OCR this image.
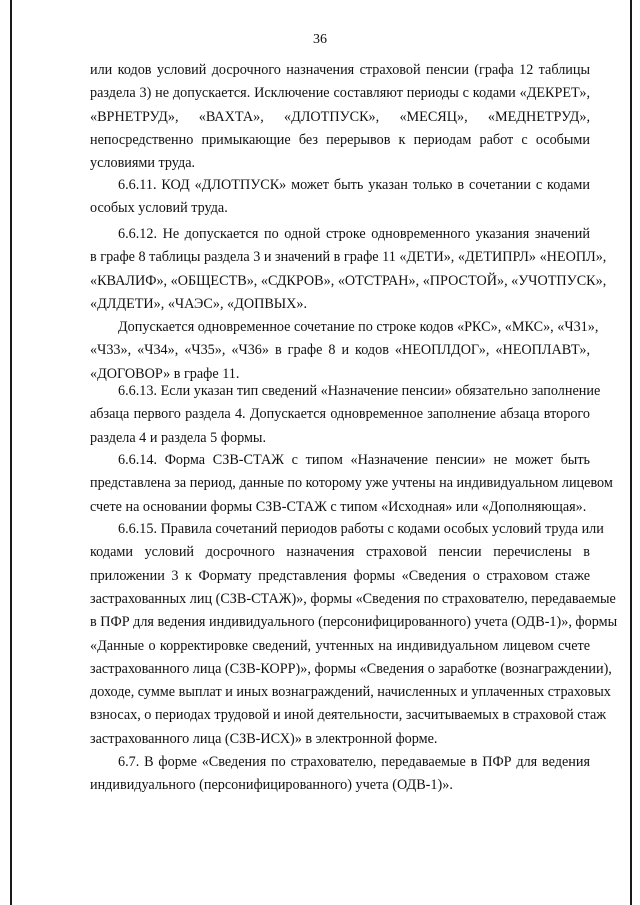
36
или кодов условий досрочного назначения страховой пенсии (графа 12 таблицы
раздела 3) не допускается. Исключение составляют периоды с кодами «ДЕКРЕТ»,
«ВРНЕТРУД», «ВАХТА», «ДЛОТПУСК», «МЕСЯЦ», «МЕДНЕТРУД»,
непосредственно примыкающие без перерывов к периодам работ с особыми
условиями труда.
6.6.11. КОД «ДЛОТПУСК» может быть указан только в сочетании с кодами
особых условий труда.
6.6.12. Не допускается по одной строке одновременного указания значений
в графе 8 таблицы раздела 3 и значений в графе 11 «ДЕТИ», «ДЕТИПРЛ» «НЕОПЛ»,
«КВАЛИФ», «ОБЩЕСТВ», «СДКРОВ», «ОТСТРАН», «ПРОСТОЙ», «УЧОТПУСК»,
«ДЛДЕТИ», «ЧАЭС», «ДОПВЫХ».
Допускается одновременное сочетание по строке кодов «РКС», «МКС», «Ч31»,
«Ч33», «Ч34», «Ч35», «Ч36» в графе 8 и кодов «НЕОПЛДОГ», «НЕОПЛАВТ»,
«ДОГОВОР» в графе 11.
6.6.13. Если указан тип сведений «Назначение пенсии» обязательно заполнение
абзаца первого раздела 4. Допускается одновременное заполнение абзаца второго
раздела 4 и раздела 5 формы.
6.6.14. Форма СЗВ-СТАЖ с типом «Назначение пенсии» не может быть
представлена за период, данные по которому уже учтены на индивидуальном лицевом
счете на основании формы СЗВ-СТАЖ с типом «Исходная» или «Дополняющая».
6.6.15. Правила сочетаний периодов работы с кодами особых условий труда или
кодами условий досрочного назначения страховой пенсии перечислены в
приложении 3 к Формату представления формы «Сведения о страховом стаже
застрахованных лиц (СЗВ-СТАЖ)», формы «Сведения по страхователю, передаваемые
в ПФР для ведения индивидуального (персонифицированного) учета (ОДВ-1)», формы
«Данные о корректировке сведений, учтенных на индивидуальном лицевом счете
застрахованного лица (СЗВ-КОРР)», формы «Сведения о заработке (вознаграждении),
доходе, сумме выплат и иных вознаграждений, начисленных и уплаченных страховых
взносах, о периодах трудовой и иной деятельности, засчитываемых в страховой стаж
застрахованного лица (СЗВ-ИСХ)» в электронной форме.
6.7. В форме «Сведения по страхователю, передаваемые в ПФР для ведения
индивидуального (персонифицированного) учета (ОДВ-1)».
